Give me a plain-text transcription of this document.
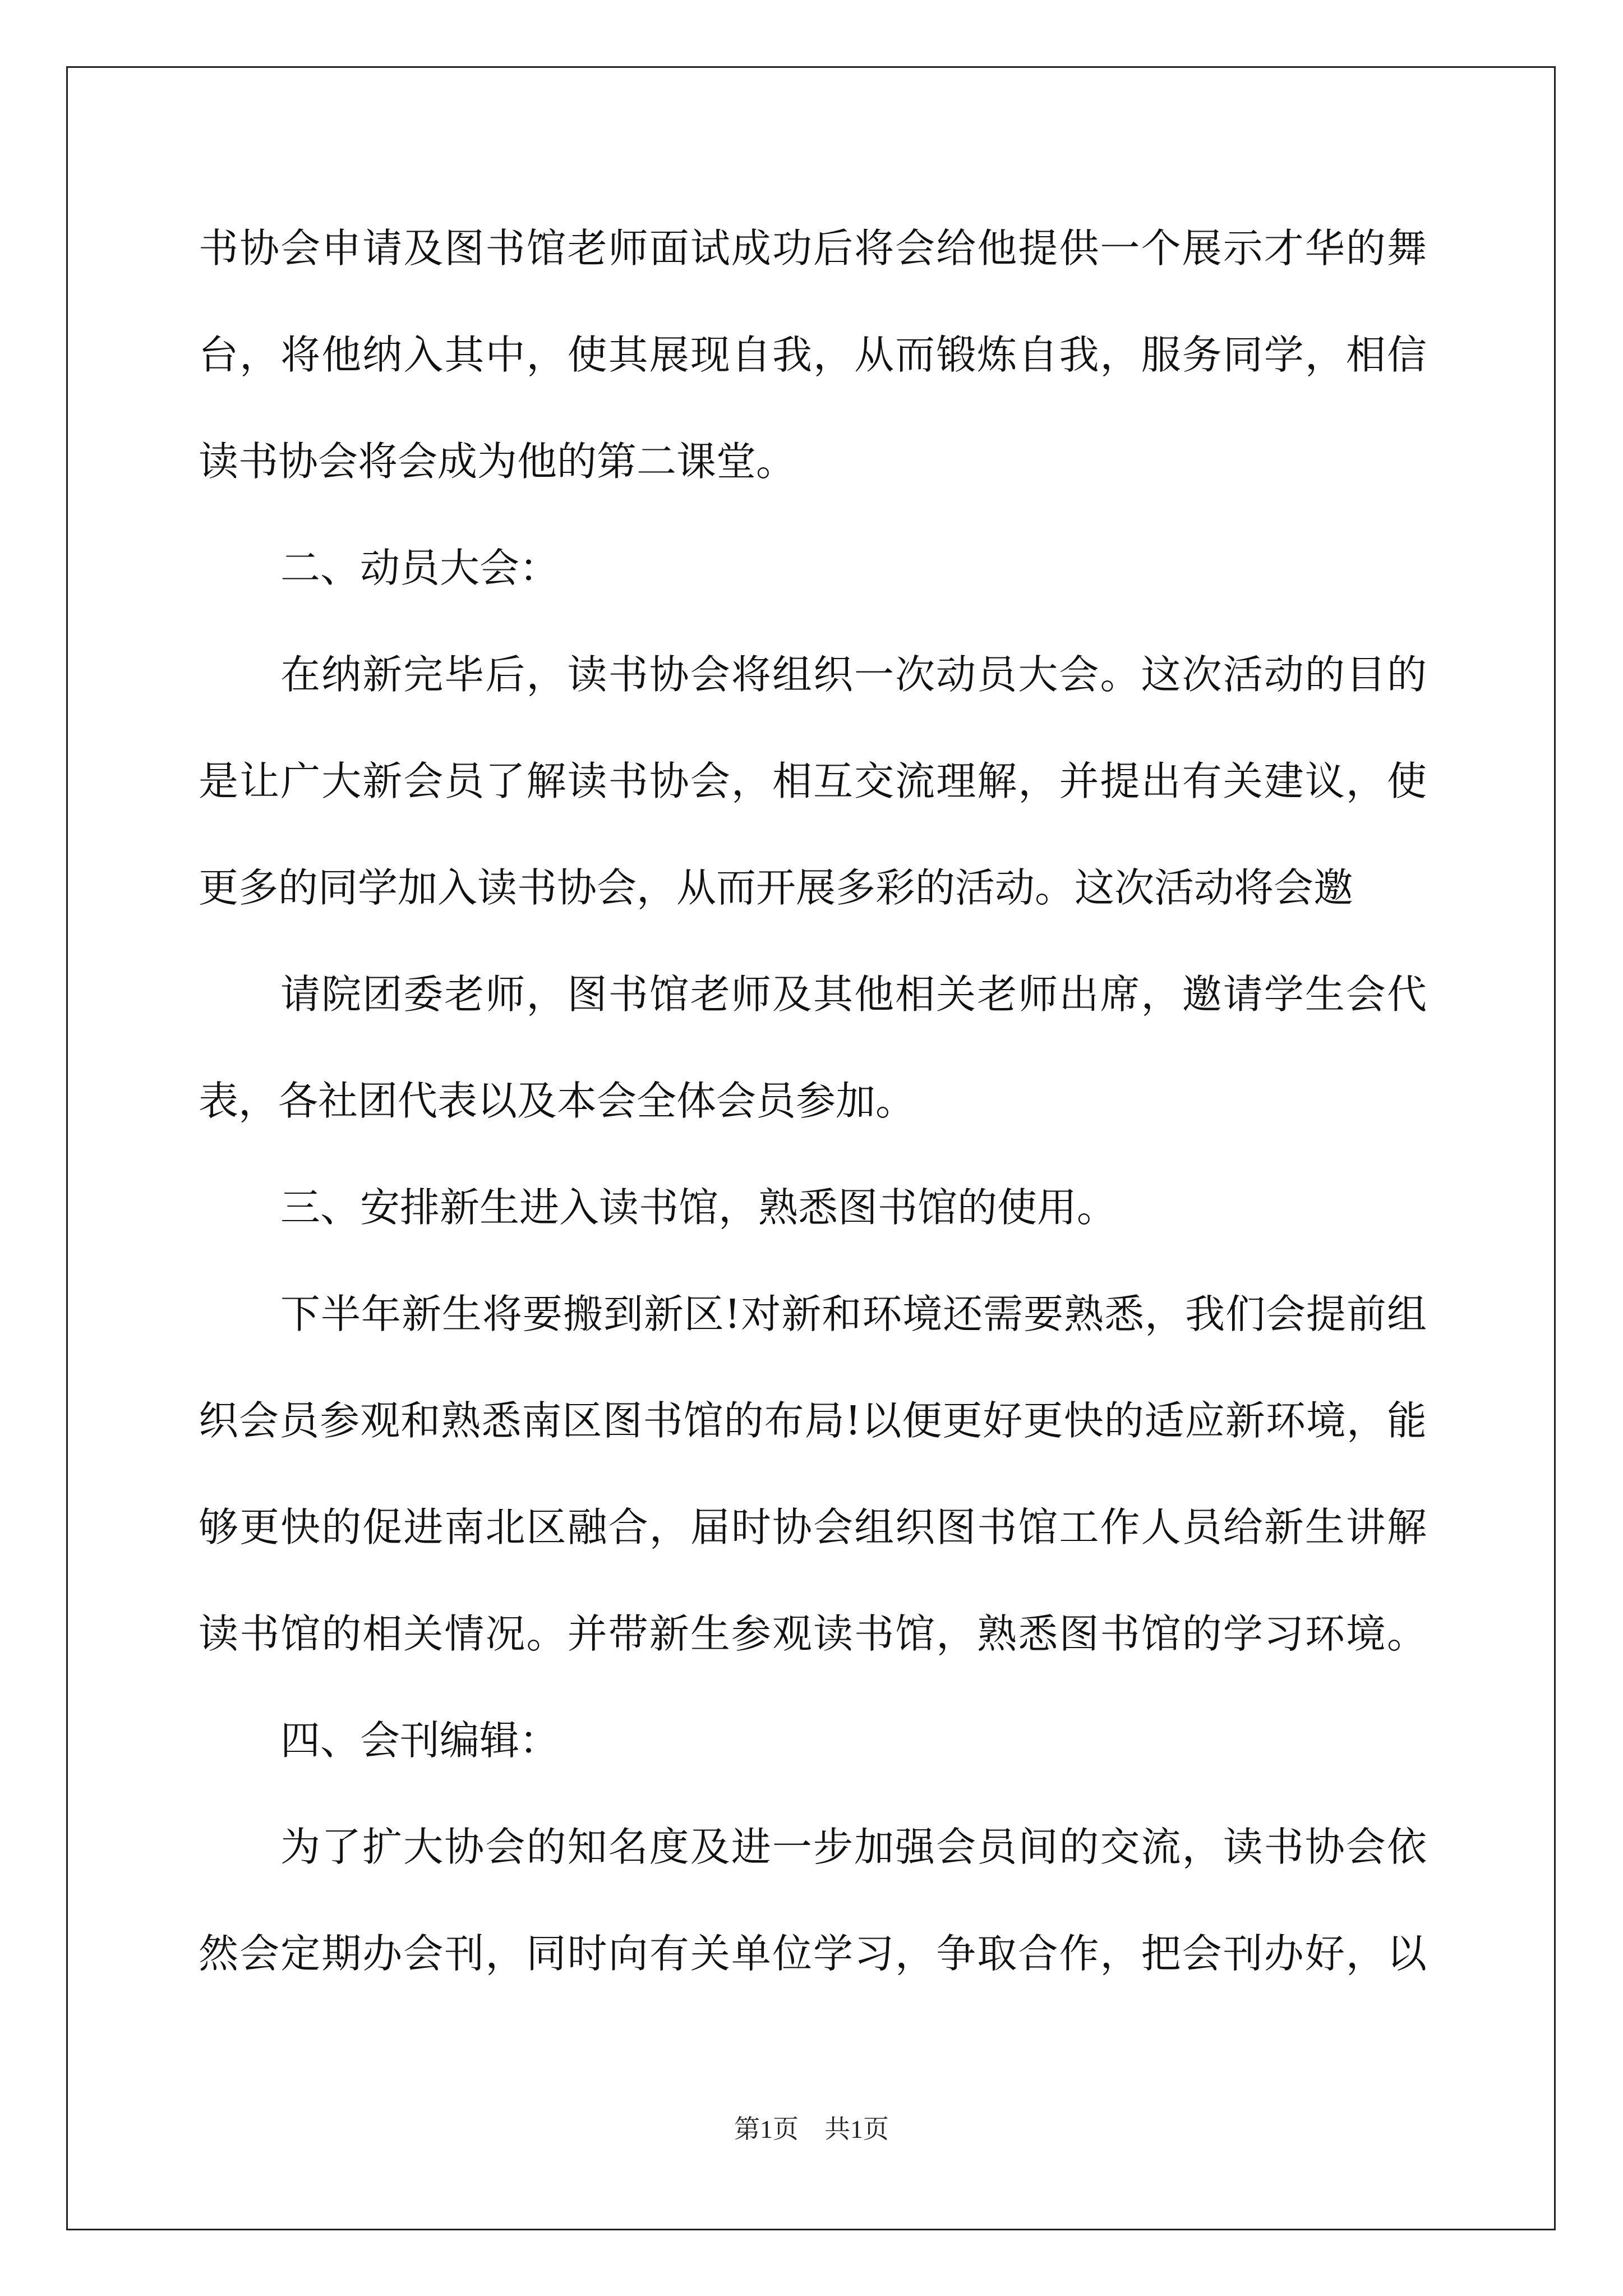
书协会申请及图书馆老师面试成功后将会给他提供一个展示才华的舞
台，将他纳入其中，使其展现自我，从而锻炼自我，服务同学，相信
读书协会将会成为他的第二课堂。
二、动员大会：
在纳新完毕后，读书协会将组织一次动员大会。这次活动的目的
是让广大新会员了解读书协会，相互交流理解，并提出有关建议，使
更多的同学加入读书协会，从而开展多彩的活动。这次活动将会邀
请院团委老师，图书馆老师及其他相关老师出席，邀请学生会代
表，各社团代表以及本会全体会员参加。
三、安排新生进入读书馆，熟悉图书馆的使用。
下半年新生将要搬到新区!对新和环境还需要熟悉，我们会提前组
织会员参观和熟悉南区图书馆的布局!以便更好更快的适应新环境，能
够更快的促进南北区融合，届时协会组织图书馆工作人员给新生讲解
读书馆的相关情况。并带新生参观读书馆，熟悉图书馆的学习环境。
四、会刊编辑：
为了扩大协会的知名度及进一步加强会员间的交流，读书协会依
然会定期办会刊，同时向有关单位学习，争取合作，把会刊办好，以
第1页　共1页
